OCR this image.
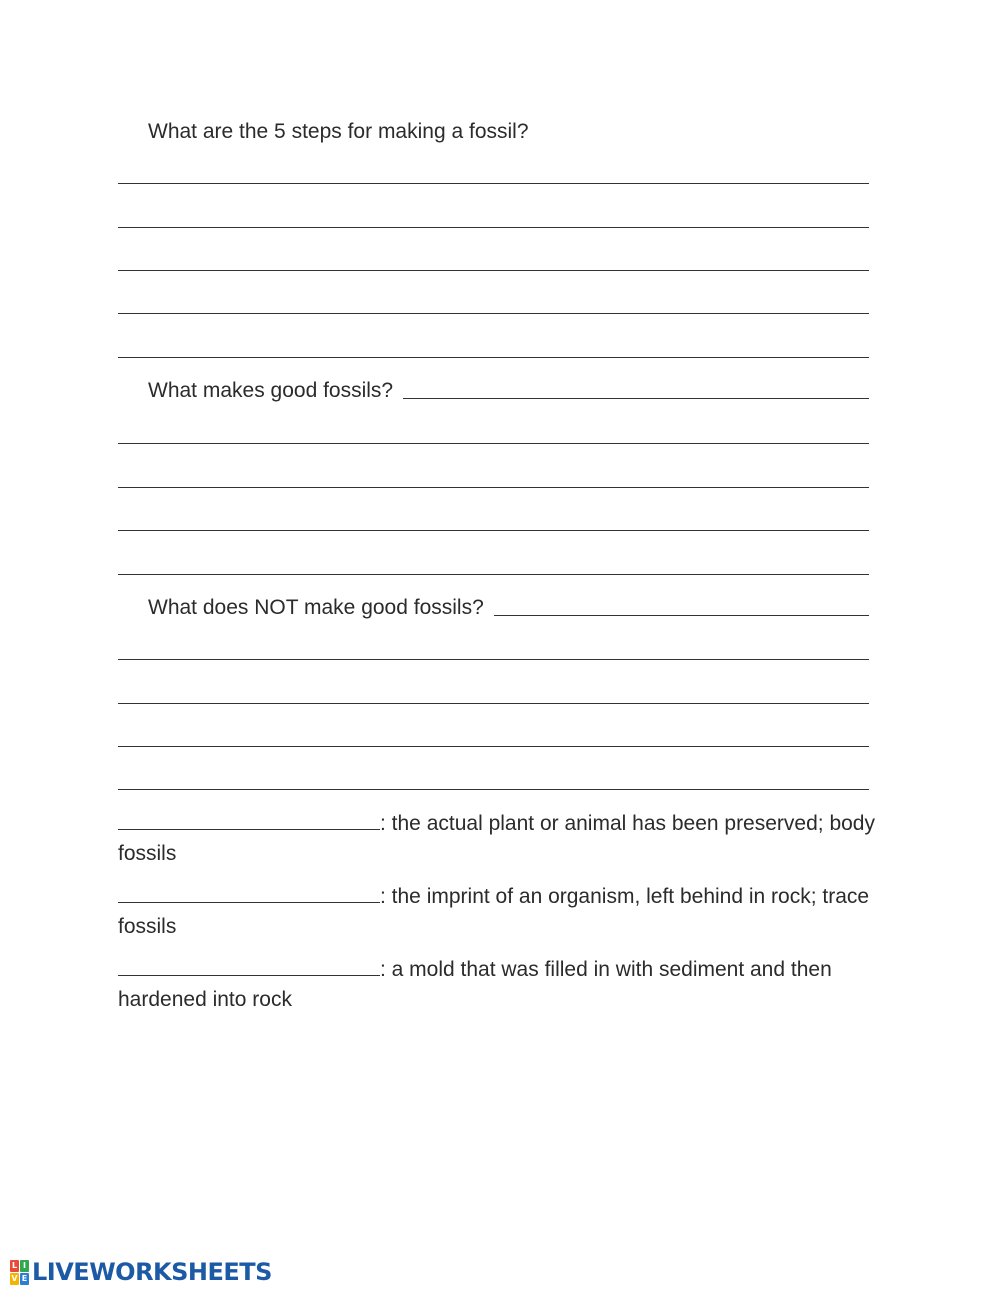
What are the 5 steps for making a fossil?
What makes good fossils?
What does NOT make good fossils?
: the actual plant or animal has been preserved; body fossils
: the imprint of an organism, left behind in rock; trace fossils
: a mold that was filled in with sediment and then hardened into rock
L I
V E LIVEWORKSHEETS
